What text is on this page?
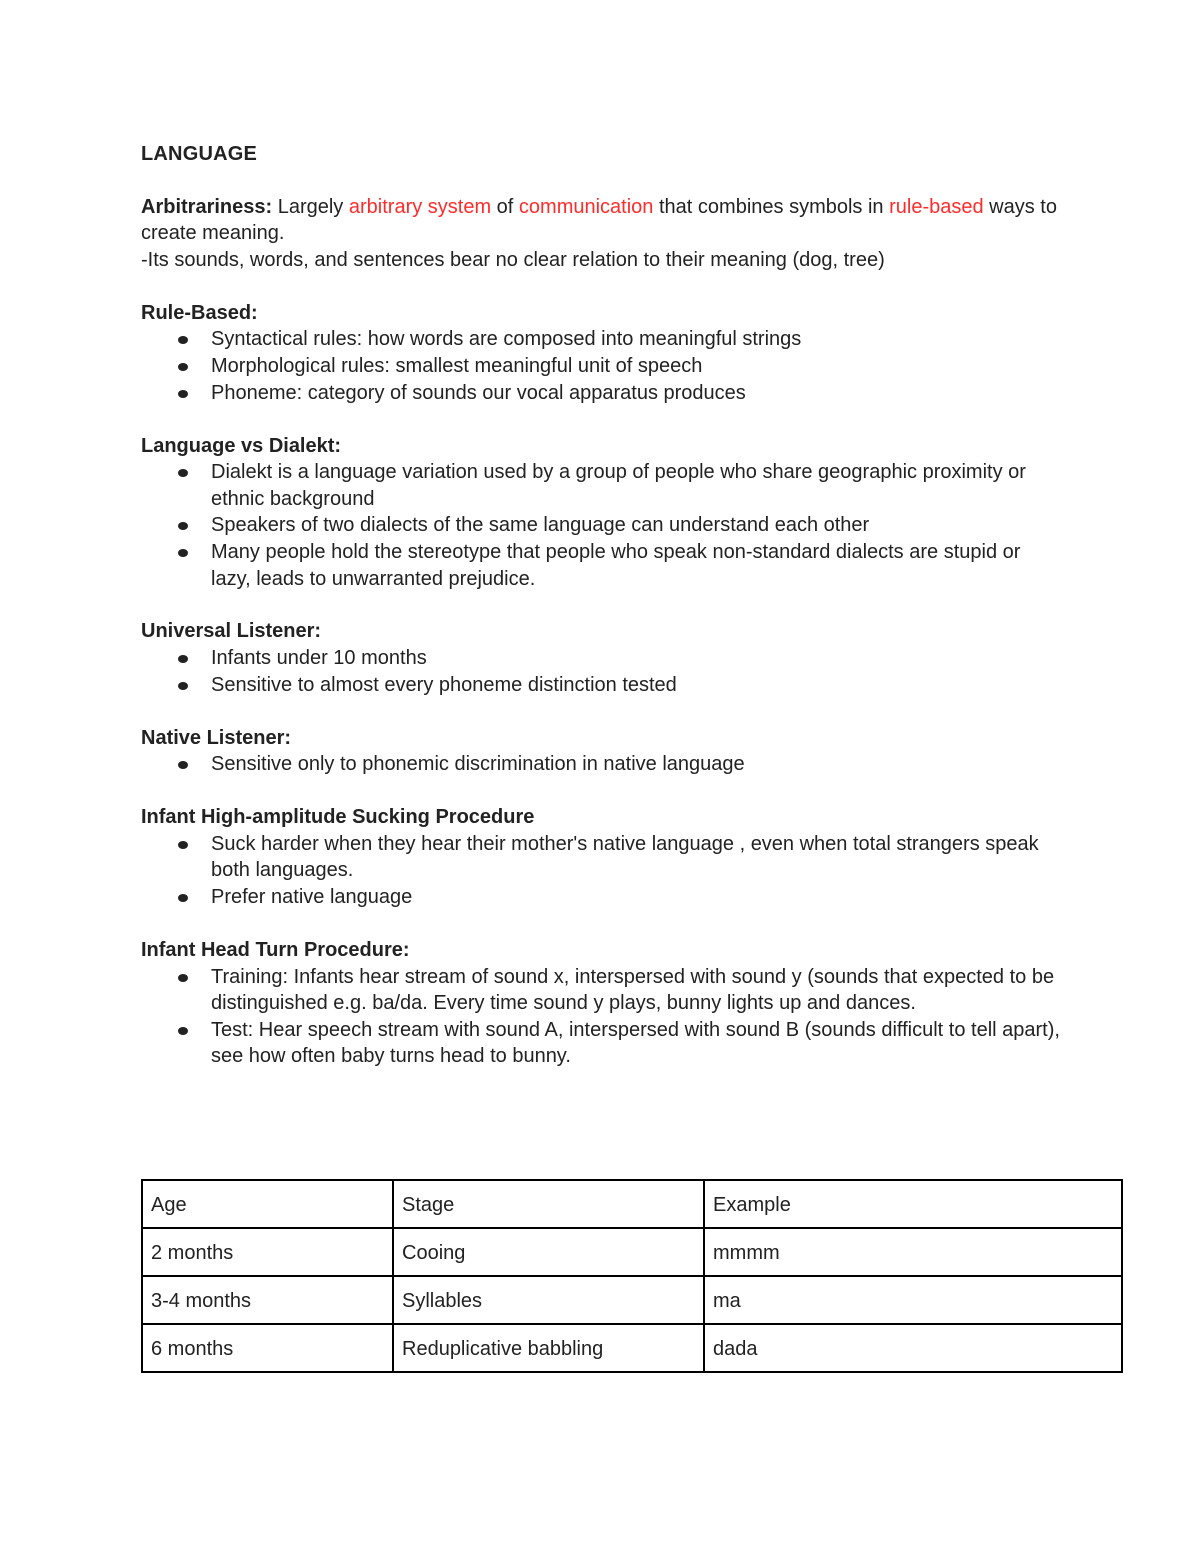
LANGUAGE

Arbitrariness: Largely arbitrary system of communication that combines symbols in rule-based ways to create meaning.

-Its sounds, words, and sentences bear no clear relation to their meaning (dog, tree)

Rule-Based:

Syntactical rules: how words are composed into meaningful strings
Morphological rules: smallest meaningful unit of speech
Phoneme: category of sounds our vocal apparatus produces

Language vs Dialekt:

Dialekt is a language variation used by a group of people who share geographic proximity or ethnic background
Speakers of two dialects of the same language can understand each other
Many people hold the stereotype that people who speak non-standard dialects are stupid or lazy, leads to unwarranted prejudice.

Universal Listener:

Infants under 10 months
Sensitive to almost every phoneme distinction tested

Native Listener:

Sensitive only to phonemic discrimination in native language

Infant High-amplitude Sucking Procedure

Suck harder when they hear their mother's native language , even when total strangers speak both languages.
Prefer native language

Infant Head Turn Procedure:

Training: Infants hear stream of sound x, interspersed with sound y (sounds that expected to be distinguished e.g. ba/da. Every time sound y plays, bunny lights up and dances.
Test: Hear speech stream with sound A, interspersed with sound B (sounds difficult to tell apart), see how often baby turns head to bunny.
Age	Stage	Example
2 months	Cooing	mmmm
3-4 months	Syllables	ma
6 months	Reduplicative babbling	dada
